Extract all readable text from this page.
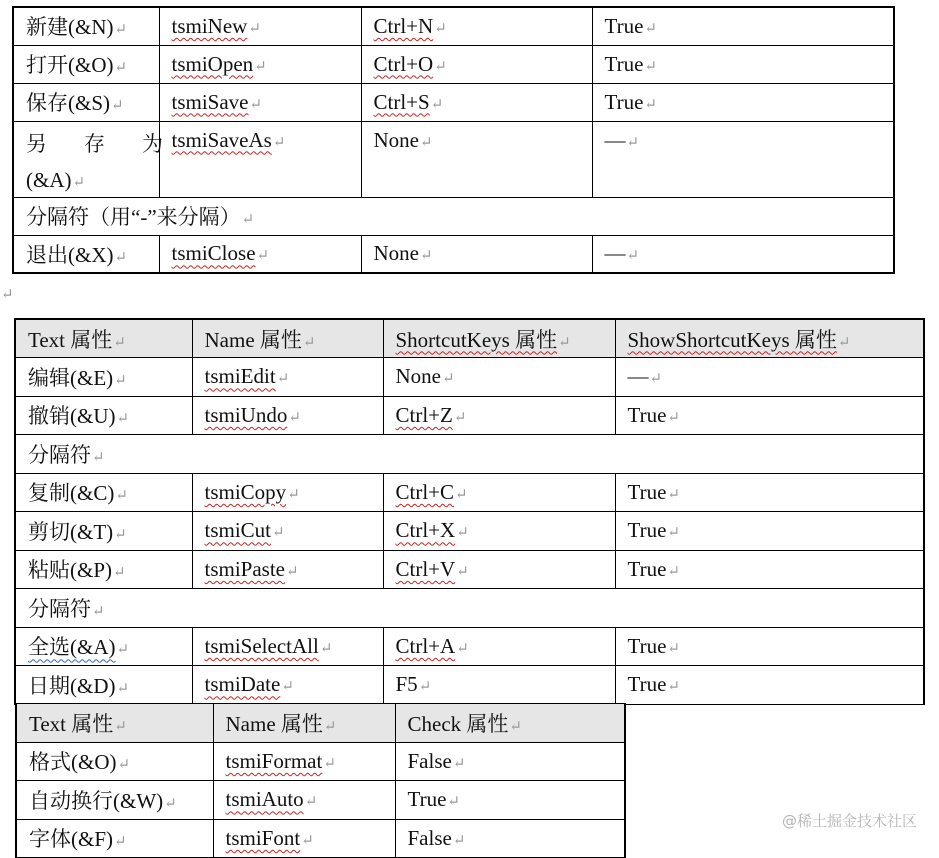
新建(&N)↵	tsmiNew↵	Ctrl+N↵	True↵
打开(&O)↵	tsmiOpen↵	Ctrl+O↵	True↵
保存(&S)↵	tsmiSave↵	Ctrl+S↵	True↵

另 存 为
(&A)↵	tsmiSaveAs↵	None↵	—↵
分隔符（用“-”来分隔）↵			
退出(&X)↵	tsmiClose↵	None↵	—↵
↵
Text 属性↵	Name 属性↵	ShortcutKeys 属性↵	ShowShortcutKeys 属性↵
编辑(&E)↵	tsmiEdit↵	None↵	—↵
撤销(&U)↵	tsmiUndo↵	Ctrl+Z↵	True↵
分隔符↵			
复制(&C)↵	tsmiCopy↵	Ctrl+C↵	True↵
剪切(&T)↵	tsmiCut↵	Ctrl+X↵	True↵
粘贴(&P)↵	tsmiPaste↵	Ctrl+V↵	True↵
分隔符↵			
全选(&A)↵	tsmiSelectAll↵	Ctrl+A↵	True↵
日期(&D)↵	tsmiDate↵	F5↵	True↵
Text 属性↵	Name 属性↵	Check 属性↵
格式(&O)↵	tsmiFormat↵	False↵
自动换行(&W)↵	tsmiAuto↵	True↵
字体(&F)↵	tsmiFont↵	False↵
@稀土掘金技术社区
